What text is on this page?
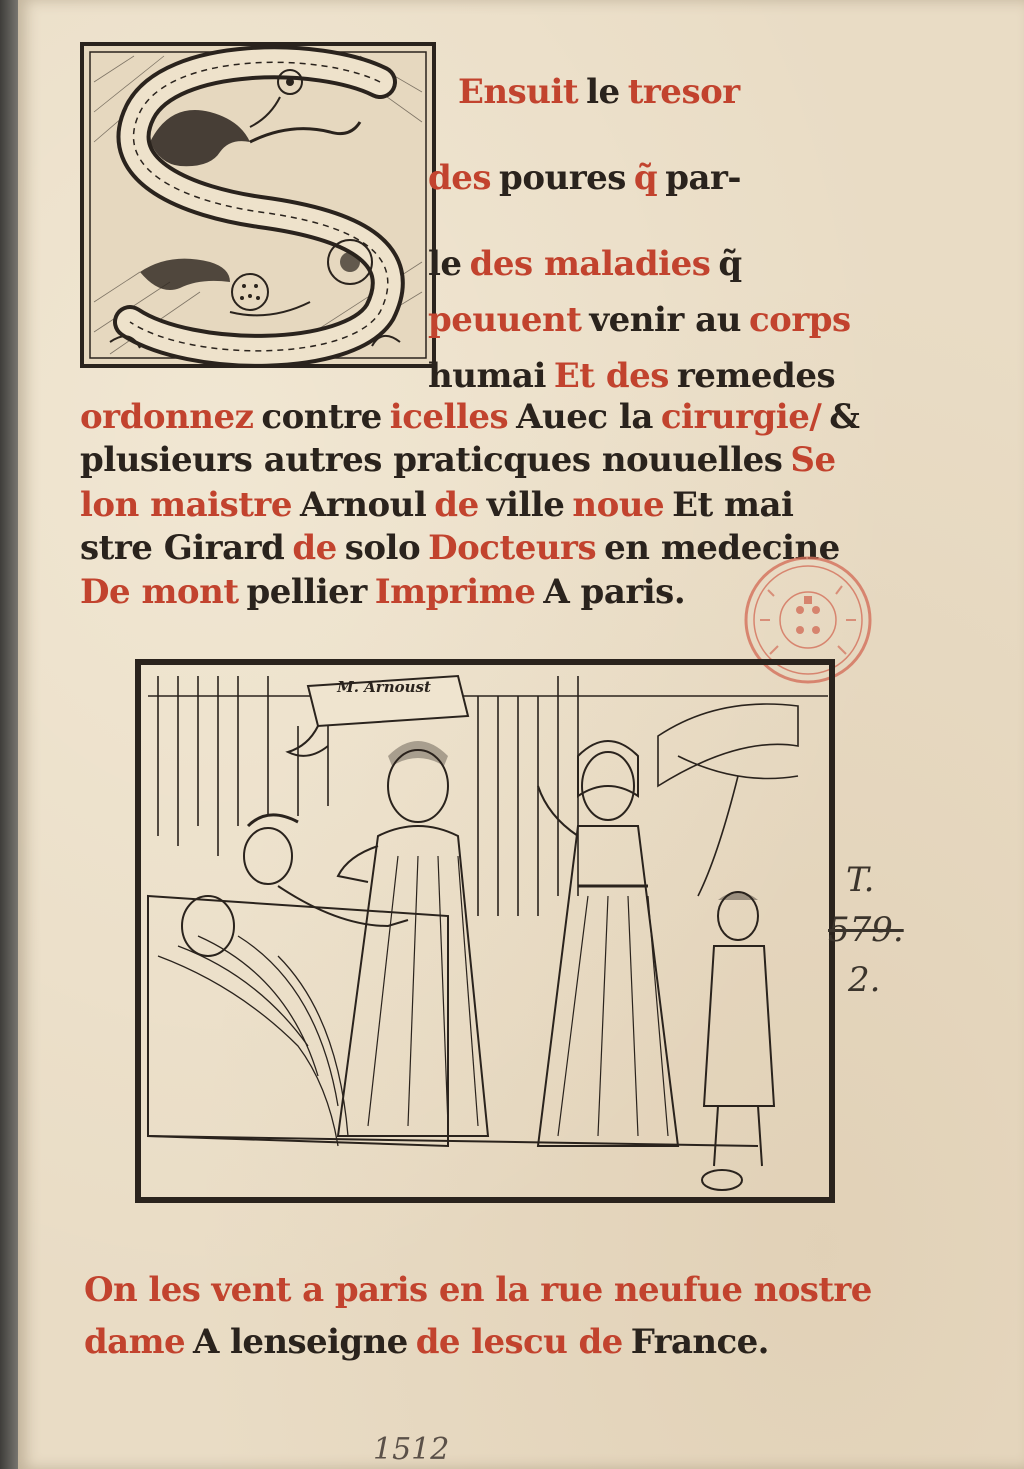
Ensuit le tresor
des poures q̃ par-
le des maladies q̃
peuuent venir au corps
humai Et des remedes
ordonnez contre icelles Auec la cirurgie/ &
plusieurs autres praticques nouuelles Se
lon maistre Arnoul de ville noue Et mai
stre Girard de solo Docteurs en medecine
De mont pellier Imprime A paris.
M. Arnoust
T.
579.
2.
On les vent a paris en la rue neufue nostre
dame A lenseigne de lescu de France.
1512
